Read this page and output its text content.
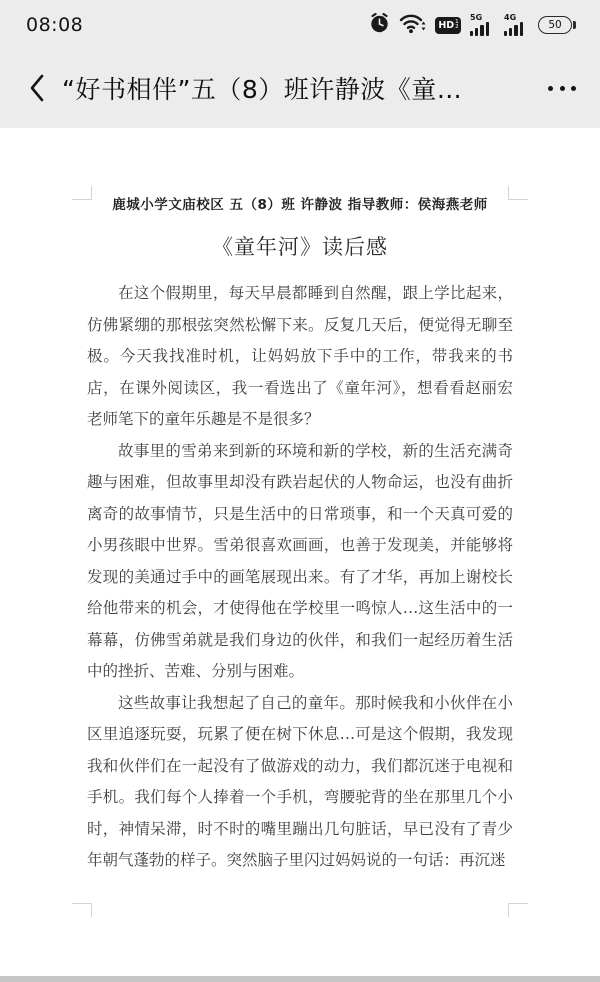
08:08	HD 1
2
5G	4G
50
“好书相伴”五（8）班许静波《童…
鹿城小学文庙校区 五（8）班 许静波 指导教师：侯海燕老师
《童年河》读后感

在这个假期里，每天早晨都睡到自然醒，跟上学比起来，仿佛紧绷的那根弦突然松懈下来。反复几天后，便觉得无聊至极。今天我找准时机，让妈妈放下手中的工作，带我来的书店，在课外阅读区，我一看选出了《童年河》，想看看赵丽宏老师笔下的童年乐趣是不是很多？

故事里的雪弟来到新的环境和新的学校，新的生活充满奇趣与困难，但故事里却没有跌岩起伏的人物命运，也没有曲折离奇的故事情节，只是生活中的日常琐事，和一个天真可爱的小男孩眼中世界。雪弟很喜欢画画，也善于发现美，并能够将发现的美通过手中的画笔展现出来。有了才华，再加上谢校长给他带来的机会，才使得他在学校里一鸣惊人…这生活中的一幕幕，仿佛雪弟就是我们身边的伙伴，和我们一起经历着生活中的挫折、苦难、分别与困难。

这些故事让我想起了自己的童年。那时候我和小伙伴在小区里追逐玩耍，玩累了便在树下休息…可是这个假期，我发现我和伙伴们在一起没有了做游戏的动力，我们都沉迷于电视和手机。我们每个人捧着一个手机，弯腰驼背的坐在那里几个小时，神情呆滞，时不时的嘴里蹦出几句脏话，早已没有了青少年朝气蓬勃的样子。突然脑子里闪过妈妈说的一句话：再沉迷
